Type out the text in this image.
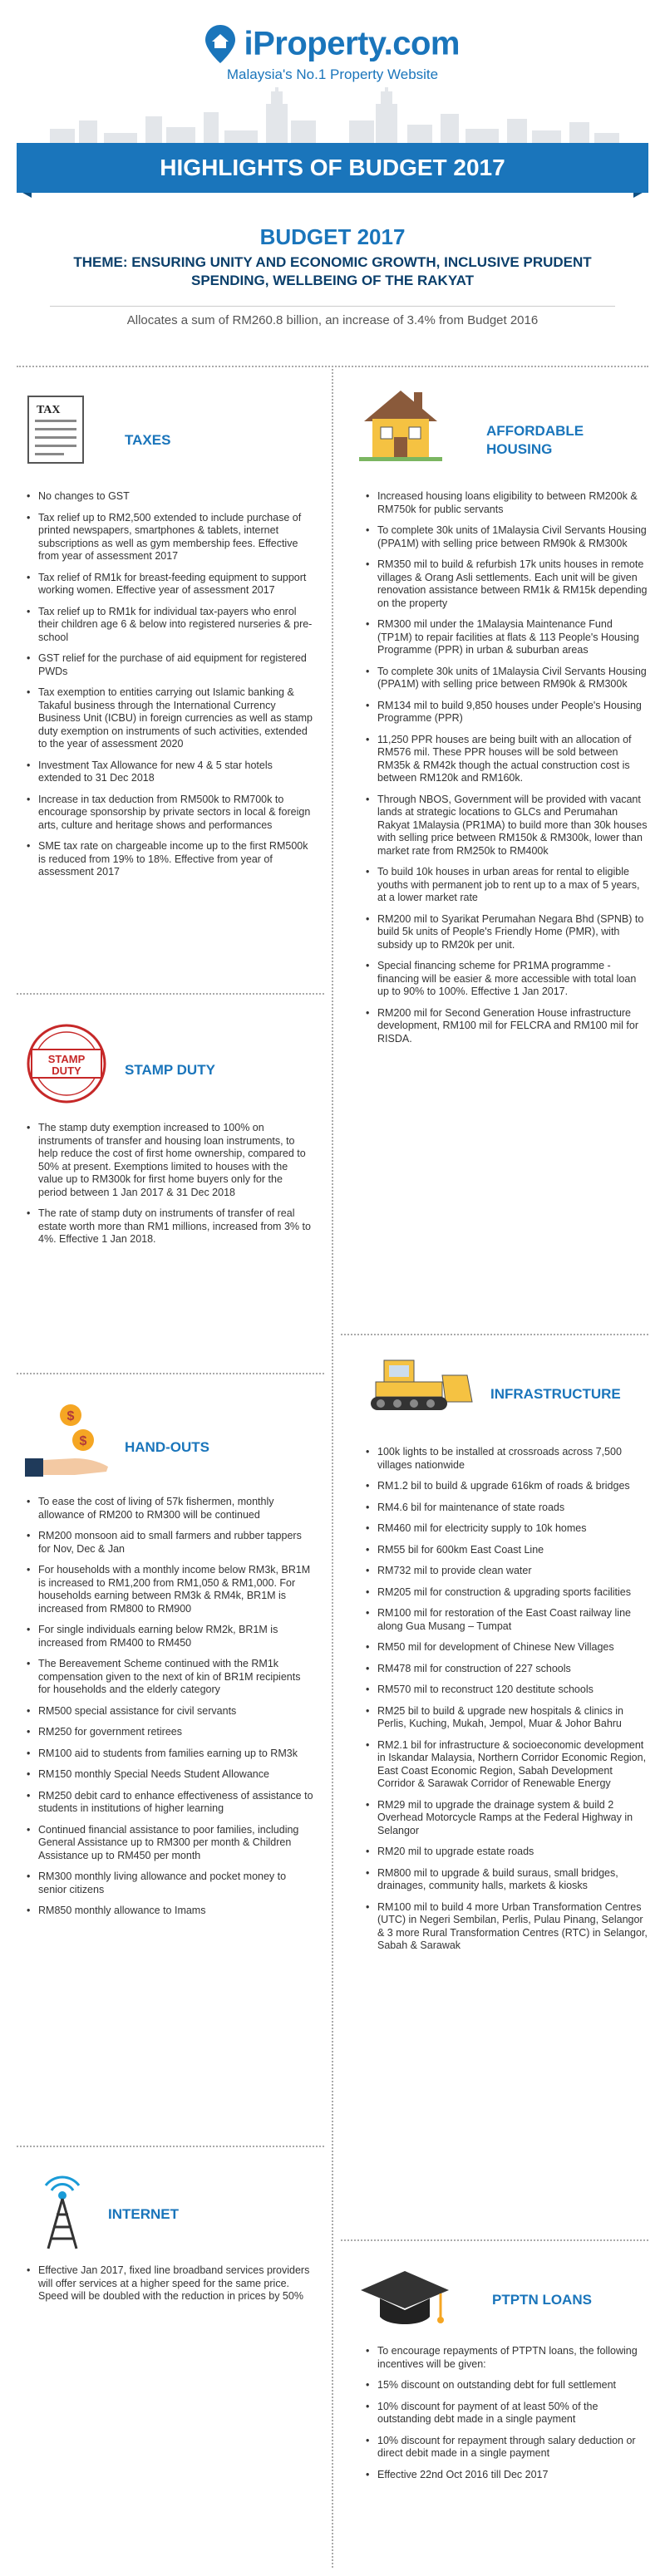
iProperty.com
Malaysia's No.1 Property Website
HIGHLIGHTS OF BUDGET 2017
BUDGET 2017
THEME: ENSURING UNITY AND ECONOMIC GROWTH, INCLUSIVE PRUDENT SPENDING, WELLBEING OF THE RAKYAT
Allocates a sum of RM260.8 billion, an increase of 3.4% from Budget 2016
TAX
TAXES
• No changes to GST
• Tax relief up to RM2,500 extended to include purchase of printed newspapers, smartphones & tablets, internet subscriptions as well as gym membership fees. Effective from year of assessment 2017
• Tax relief of RM1k for breast-feeding equipment to support working women. Effective year of assessment 2017
• Tax relief up to RM1k for individual tax-payers who enrol their children age 6 & below into registered nurseries & pre-school
• GST relief for the purchase of aid equipment for registered PWDs
• Tax exemption to entities carrying out Islamic banking & Takaful business through the International Currency Business Unit (ICBU) in foreign currencies as well as stamp duty exemption on instruments of such activities, extended to the year of assessment 2020
• Investment Tax Allowance for new 4 & 5 star hotels extended to 31 Dec 2018
• Increase in tax deduction from RM500k to RM700k to encourage sponsorship by private sectors in local & foreign arts, culture and heritage shows and performances
• SME tax rate on chargeable income up to the first RM500k is reduced from 19% to 18%. Effective from year of assessment 2017
STAMP
DUTY	STAMP DUTY
• The stamp duty exemption increased to 100% on instruments of transfer and housing loan instruments, to help reduce the cost of first home ownership, compared to 50% at present. Exemptions limited to houses with the value up to RM300k for first home buyers only for the period between 1 Jan 2017 & 31 Dec 2018
• The rate of stamp duty on instruments of transfer of real estate worth more than RM1 millions, increased from 3% to 4%. Effective 1 Jan 2018.
$
$	HAND-OUTS
• To ease the cost of living of 57k fishermen, monthly allowance of RM200 to RM300 will be continued
• RM200 monsoon aid to small farmers and rubber tappers for Nov, Dec & Jan
• For households with a monthly income below RM3k, BR1M is increased to RM1,200 from RM1,050 & RM1,000. For households earning between RM3k & RM4k, BR1M is increased from RM800 to RM900
• For single individuals earning below RM2k, BR1M is increased from RM400 to RM450
• The Bereavement Scheme continued with the RM1k compensation given to the next of kin of BR1M recipients for households and the elderly category
• RM500 special assistance for civil servants
• RM250 for government retirees
• RM100 aid to students from families earning up to RM3k
• RM150 monthly Special Needs Student Allowance
• RM250 debit card to enhance effectiveness of assistance to students in institutions of higher learning
• Continued financial assistance to poor families, including General Assistance up to RM300 per month & Children Assistance up to RM450 per month
• RM300 monthly living allowance and pocket money to senior citizens
• RM850 monthly allowance to Imams
INTERNET
• Effective Jan 2017, fixed line broadband services providers will offer services at a higher speed for the same price. Speed will be doubled with the reduction in prices by 50%
AFFORDABLE HOUSING
• Increased housing loans eligibility to between RM200k & RM750k for public servants
• To complete 30k units of 1Malaysia Civil Servants Housing (PPA1M) with selling price between RM90k & RM300k
• RM350 mil to build & refurbish 17k units houses in remote villages & Orang Asli settlements. Each unit will be given renovation assistance between RM1k & RM15k depending on the property
• RM300 mil under the 1Malaysia Maintenance Fund (TP1M) to repair facilities at flats & 113 People's Housing Programme (PPR) in urban & suburban areas
• To complete 30k units of 1Malaysia Civil Servants Housing (PPA1M) with selling price between RM90k & RM300k
• RM134 mil to build 9,850 houses under People's Housing Programme (PPR)
• 11,250 PPR houses are being built with an allocation of RM576 mil. These PPR houses will be sold between RM35k & RM42k though the actual construction cost is between RM120k and RM160k.
• Through NBOS, Government will be provided with vacant lands at strategic locations to GLCs and Perumahan Rakyat 1Malaysia (PR1MA) to build more than 30k houses with selling price between RM150k & RM300k, lower than market rate from RM250k to RM400k
• To build 10k houses in urban areas for rental to eligible youths with permanent job to rent up to a max of 5 years, at a lower market rate
• RM200 mil to Syarikat Perumahan Negara Bhd (SPNB) to build 5k units of People's Friendly Home (PMR), with subsidy up to RM20k per unit.
• Special financing scheme for PR1MA programme - financing will be easier & more accessible with total loan up to 90% to 100%. Effective 1 Jan 2017.
• RM200 mil for Second Generation House infrastructure development, RM100 mil for FELCRA and RM100 mil for RISDA.
INFRASTRUCTURE
• 100k lights to be installed at crossroads across 7,500 villages nationwide
• RM1.2 bil to build & upgrade 616km of roads & bridges
• RM4.6 bil for maintenance of state roads
• RM460 mil for electricity supply to 10k homes
• RM55 bil for 600km East Coast Line
• RM732 mil to provide clean water
• RM205 mil for construction & upgrading sports facilities
• RM100 mil for restoration of the East Coast railway line along Gua Musang – Tumpat
• RM50 mil for development of Chinese New Villages
• RM478 mil for construction of 227 schools
• RM570 mil to reconstruct 120 destitute schools
• RM25 bil to build & upgrade new hospitals & clinics in Perlis, Kuching, Mukah, Jempol, Muar & Johor Bahru
• RM2.1 bil for infrastructure & socioeconomic development in Iskandar Malaysia, Northern Corridor Economic Region, East Coast Economic Region, Sabah Development Corridor & Sarawak Corridor of Renewable Energy
• RM29 mil to upgrade the drainage system & build 2 Overhead Motorcycle Ramps at the Federal Highway in Selangor
• RM20 mil to upgrade estate roads
• RM800 mil to upgrade & build suraus, small bridges, drainages, community halls, markets & kiosks
• RM100 mil to build 4 more Urban Transformation Centres (UTC) in Negeri Sembilan, Perlis, Pulau Pinang, Selangor & 3 more Rural Transformation Centres (RTC) in Selangor, Sabah & Sarawak
PTPTN LOANS
• To encourage repayments of PTPTN loans, the following incentives will be given:
• 15% discount on outstanding debt for full settlement
• 10% discount for payment of at least 50% of the outstanding debt made in a single payment
• 10% discount for repayment through salary deduction or direct debit made in a single payment
• Effective 22nd Oct 2016 till Dec 2017
